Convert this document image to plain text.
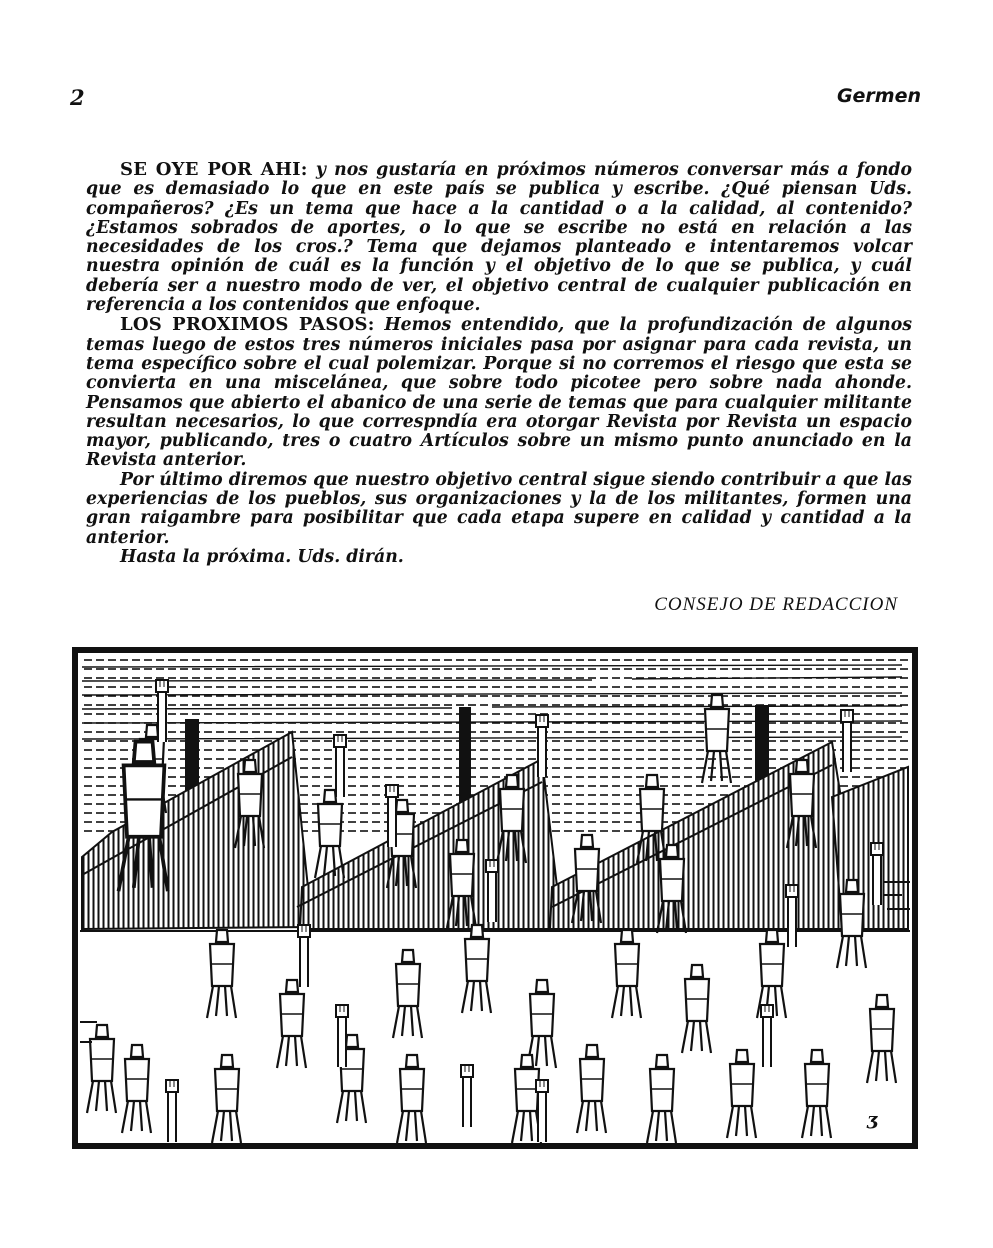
2	Germen

SE OYE POR AHI: y nos gustaría en próximos números conversar más a fondo que es demasiado lo que en este país se publica y escribe. ¿Qué piensan Uds. compañeros? ¿Es un tema que hace a la cantidad o a la calidad, al contenido? ¿Estamos sobrados de aportes, o lo que se escribe no está en relación a las necesidades de los cros.? Tema que dejamos planteado e intentaremos volcar nuestra opinión de cuál es la función y el objetivo de lo que se publica, y cuál debería ser a nuestro modo de ver, el objetivo central de cualquier publicación en referencia a los contenidos que enfoque.

LOS PROXIMOS PASOS: Hemos entendido, que la profundización de algunos temas luego de estos tres números iniciales pasa por asignar para cada revista, un tema específico sobre el cual polemizar. Porque si no corremos el riesgo que esta se convierta en una miscelánea, que sobre todo picotee pero sobre nada ahonde. Pensamos que abierto el abanico de una serie de temas que para cualquier militante resultan necesarios, lo que correspndía era otorgar Revista por Revista un espacio mayor, publicando, tres o cuatro Artículos sobre un mismo punto anunciado en la Revista anterior.

Por último diremos que nuestro objetivo central sigue siendo contribuir a que las experiencias de los pueblos, sus organizaciones y la de los militantes, formen una gran raigambre para posibilitar que cada etapa supere en calidad y cantidad a la anterior.

Hasta la próxima. Uds. dirán.

CONSEJO DE REDACCION
ʒ
